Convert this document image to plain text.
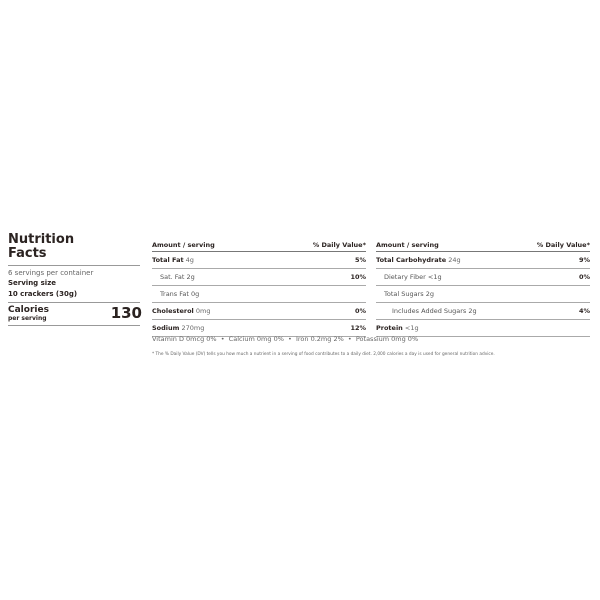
Nutrition
Facts
6 servings per container
Serving size
10 crackers (30g)
Calories
per serving	130
Amount / serving	% Daily Value*
Total Fat 4g	5%
Sat. Fat 2g	10%
Trans Fat 0g
Cholesterol 0mg	0%
Sodium 270mg	12%
Amount / serving	% Daily Value*
Total Carbohydrate 24g	9%
Dietary Fiber <1g	0%
Total Sugars 2g
Includes Added Sugars 2g	4%
Protein <1g
Vitamin D 0mcg 0%  •  Calcium 0mg 0%  •  Iron 0.2mg 2%  •  Potassium 0mg 0%
* The % Daily Value (DV) tells you how much a nutrient in a serving of food contributes to a daily diet. 2,000 calories a day is used for general nutrition advice.
